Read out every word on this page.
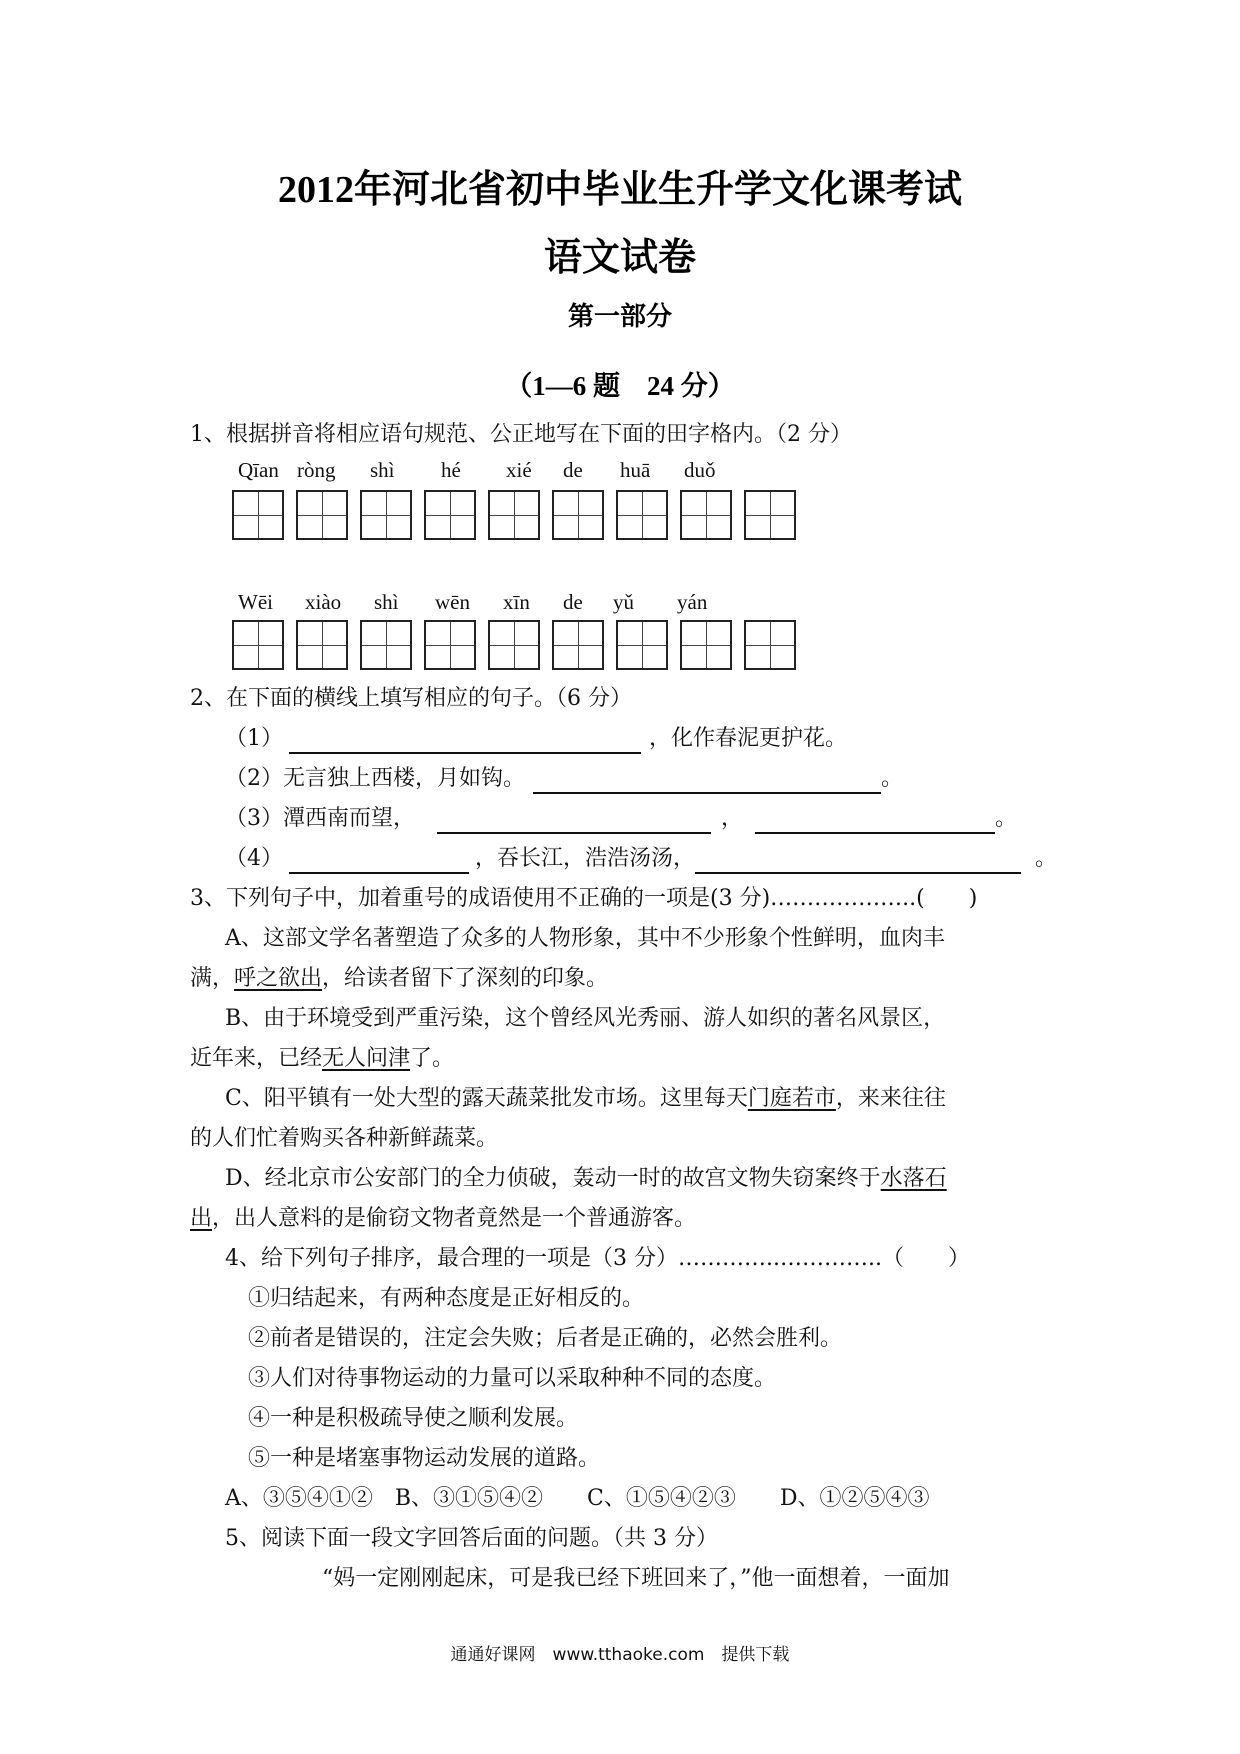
2012年河北省初中毕业生升学文化课考试
语文试卷
第一部分
（1—6 题　24 分）
1、根据拼音将相应语句规范、公正地写在下面的田字格内。（2 分）
Qīan ròng shì hé xié de huā duǒ
Wēi xiào shì wēn xīn de yǔ yán
2、在下面的横线上填写相应的句子。（6 分）
（1）	，化作春泥更护花。
（2）无言独上西楼，月如钩。	。
（3）潭西南而望，	，	。
（4）	，吞长江，浩浩汤汤，	。
3、下列句子中，加着重号的成语使用不正确的一项是(3 分)………………..(　　)
A、这部文学名著塑造了众多的人物形象，其中不少形象个性鲜明，血肉丰
满，呼之欲出，给读者留下了深刻的印象。
B、由于环境受到严重污染，这个曾经风光秀丽、游人如织的著名风景区，
近年来，已经无人问津了。
C、阳平镇有一处大型的露天蔬菜批发市场。这里每天门庭若市，来来往往
的人们忙着购买各种新鲜蔬菜。
D、经北京市公安部门的全力侦破，轰动一时的故宫文物失窃案终于水落石
出，出人意料的是偷窃文物者竟然是一个普通游客。
4、给下列句子排序，最合理的一项是（3 分）…………..…………..（　　）
①归结起来，有两种态度是正好相反的。
②前者是错误的，注定会失败；后者是正确的，必然会胜利。
③人们对待事物运动的力量可以采取种种不同的态度。
④一种是积极疏导使之顺利发展。
⑤一种是堵塞事物运动发展的道路。
A、③⑤④①②　B、③①⑤④②　　C、①⑤④②③　　D、①②⑤④③
5、阅读下面一段文字回答后面的问题。（共 3 分）
“妈一定刚刚起床，可是我已经下班回来了，”他一面想着，一面加
通通好课网　www.tthaoke.com　提供下载
